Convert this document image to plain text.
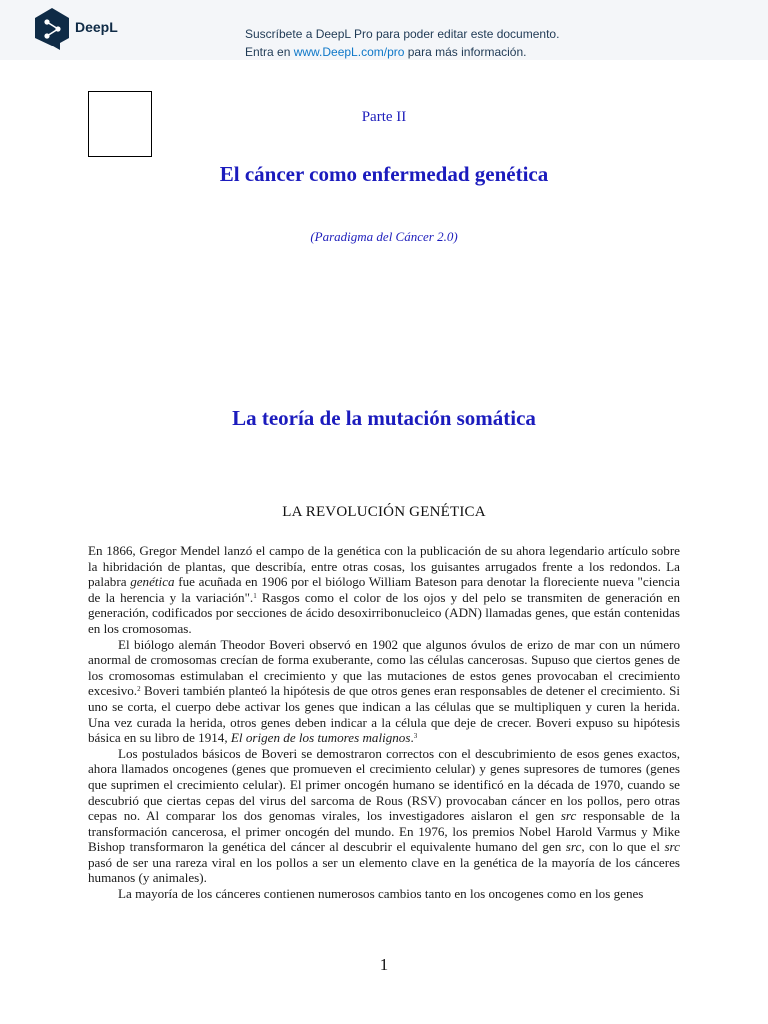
DeepL	Suscríbete a DeepL Pro para poder editar este documento.
Entra en www.DeepL.com/pro para más información.
Parte II
El cáncer como enfermedad genética
(Paradigma del Cáncer 2.0)
La teoría de la mutación somática
LA REVOLUCIÓN GENÉTICA

En 1866, Gregor Mendel lanzó el campo de la genética con la publicación de su ahora legendario artículo sobre la hibridación de plantas, que describía, entre otras cosas, los guisantes arrugados frente a los redondos. La palabra genética fue acuñada en 1906 por el biólogo William Bateson para denotar la floreciente nueva "ciencia de la herencia y la variación".$^1$ Rasgos como el color de los ojos y del pelo se transmiten de generación en generación, codificados por secciones de ácido desoxirribonucleico (ADN) llamadas genes, que están contenidas en los cromosomas.

El biólogo alemán Theodor Boveri observó en 1902 que algunos óvulos de erizo de mar con un número anormal de cromosomas crecían de forma exuberante, como las células cancerosas. Supuso que ciertos genes de los cromosomas estimulaban el crecimiento y que las mutaciones de estos genes provocaban el crecimiento excesivo.$^2$ Boveri también planteó la hipótesis de que otros genes eran responsables de detener el crecimiento. Si uno se corta, el cuerpo debe activar los genes que indican a las células que se multipliquen y curen la herida. Una vez curada la herida, otros genes deben indicar a la célula que deje de crecer. Boveri expuso su hipótesis básica en su libro de 1914, El origen de los tumores malignos.$^3$

Los postulados básicos de Boveri se demostraron correctos con el descubrimiento de esos genes exactos, ahora llamados oncogenes (genes que promueven el crecimiento celular) y genes supresores de tumores (genes que suprimen el crecimiento celular). El primer oncogén humano se identificó en la década de 1970, cuando se descubrió que ciertas cepas del virus del sarcoma de Rous (RSV) provocaban cáncer en los pollos, pero otras cepas no. Al comparar los dos genomas virales, los investigadores aislaron el gen src responsable de la transformación cancerosa, el primer oncogén del mundo. En 1976, los premios Nobel Harold Varmus y Mike Bishop transformaron la genética del cáncer al descubrir el equivalente humano del gen src, con lo que el src pasó de ser una rareza viral en los pollos a ser un elemento clave en la genética de la mayoría de los cánceres humanos (y animales).

La mayoría de los cánceres contienen numerosos cambios tanto en los oncogenes como en los genes

1
